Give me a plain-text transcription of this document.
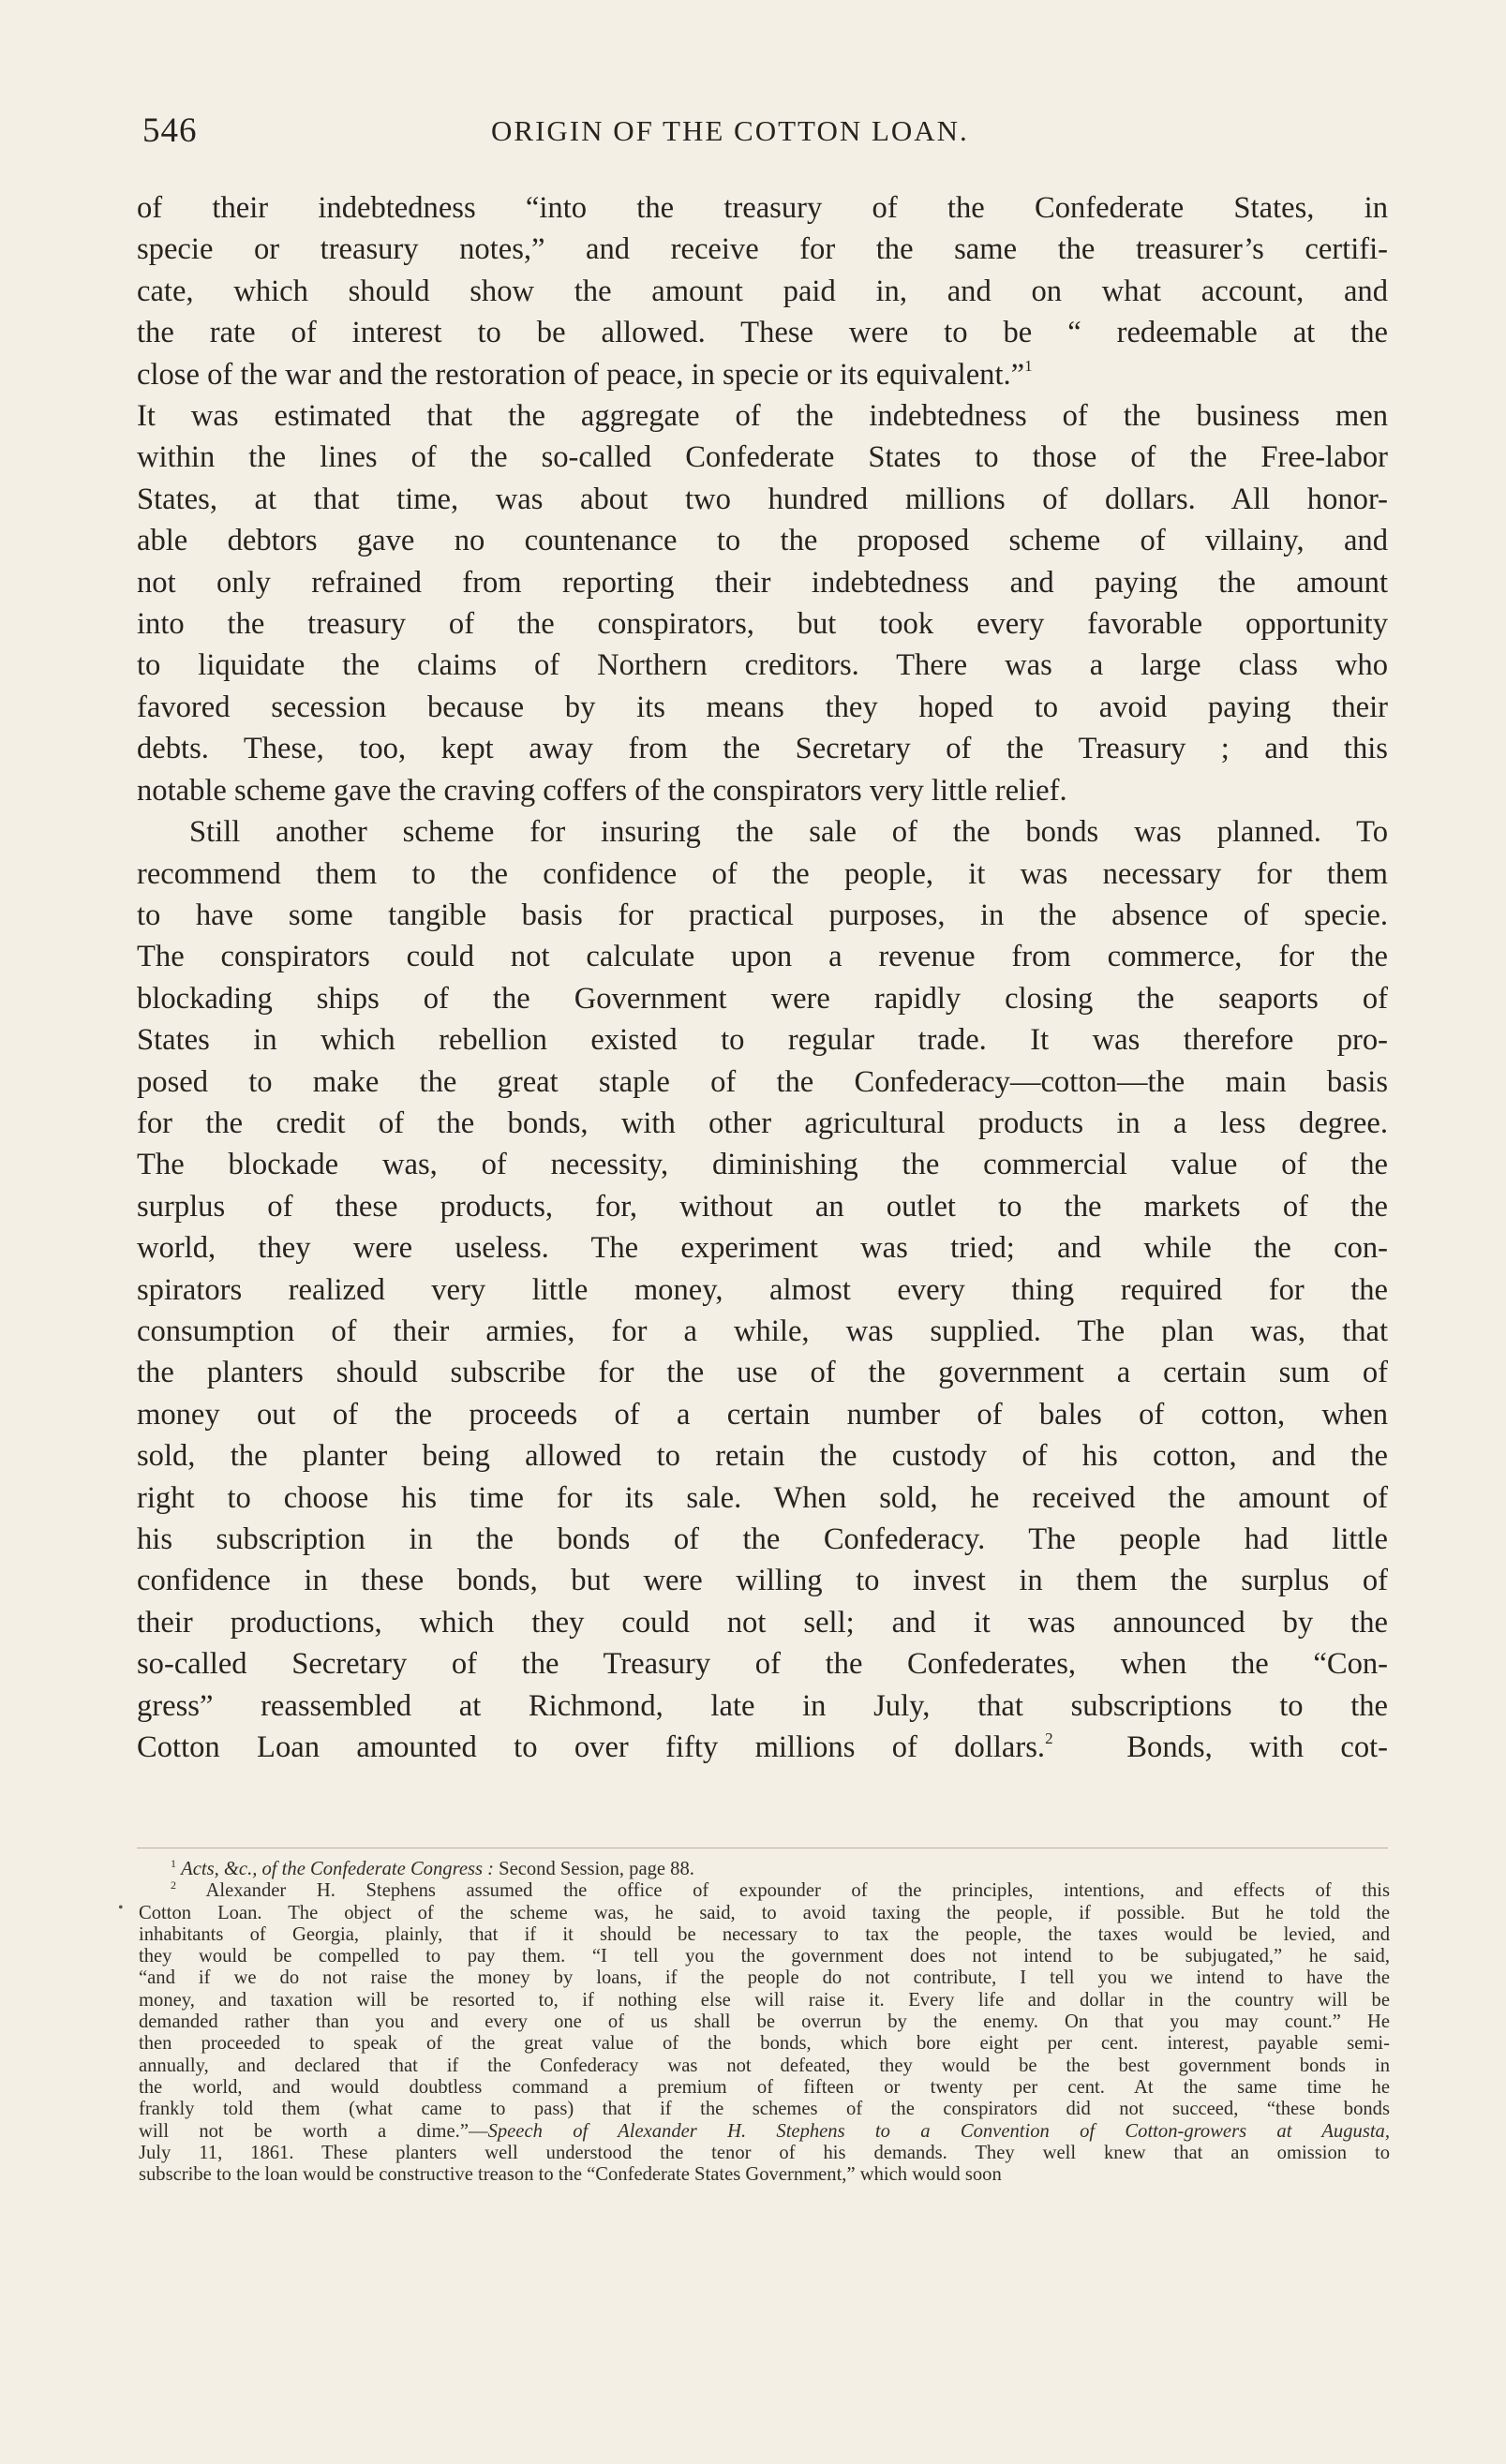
546	ORIGIN OF THE COTTON LOAN.
of their indebtedness “into the treasury of the Confederate States, in
specie or treasury notes,” and receive for the same the treasurer’s certifi-
cate, which should show the amount paid in, and on what account, and
the rate of interest to be allowed. These were to be “ redeemable at the
close of the war and the restoration of peace, in specie or its equivalent.”$^1$
It was estimated that the aggregate of the indebtedness of the business men
within the lines of the so-called Confederate States to those of the Free-labor
States, at that time, was about two hundred millions of dollars. All honor-
able debtors gave no countenance to the proposed scheme of villainy, and
not only refrained from reporting their indebtedness and paying the amount
into the treasury of the conspirators, but took every favorable opportunity
to liquidate the claims of Northern creditors. There was a large class who
favored secession because by its means they hoped to avoid paying their
debts. These, too, kept away from the Secretary of the Treasury ; and this
notable scheme gave the craving coffers of the conspirators very little relief.
Still another scheme for insuring the sale of the bonds was planned. To
recommend them to the confidence of the people, it was necessary for them
to have some tangible basis for practical purposes, in the absence of specie.
The conspirators could not calculate upon a revenue from commerce, for the
blockading ships of the Government were rapidly closing the seaports of
States in which rebellion existed to regular trade. It was therefore pro-
posed to make the great staple of the Confederacy—cotton—the main basis
for the credit of the bonds, with other agricultural products in a less degree.
The blockade was, of necessity, diminishing the commercial value of the
surplus of these products, for, without an outlet to the markets of the
world, they were useless. The experiment was tried; and while the con-
spirators realized very little money, almost every thing required for the
consumption of their armies, for a while, was supplied. The plan was, that
the planters should subscribe for the use of the government a certain sum of
money out of the proceeds of a certain number of bales of cotton, when
sold, the planter being allowed to retain the custody of his cotton, and the
right to choose his time for its sale. When sold, he received the amount of
his subscription in the bonds of the Confederacy. The people had little
confidence in these bonds, but were willing to invest in them the surplus of
their productions, which they could not sell; and it was announced by the
so-called Secretary of the Treasury of the Confederates, when the “Con-
gress” reassembled at Richmond, late in July, that subscriptions to the
Cotton Loan amounted to over fifty millions of dollars.$^2$ Bonds, with cot-
•
$^1$ Acts, &c., of the Confederate Congress : Second Session, page 88.
$^2$ Alexander H. Stephens assumed the office of expounder of the principles, intentions, and effects of this
Cotton Loan. The object of the scheme was, he said, to avoid taxing the people, if possible. But he told the
inhabitants of Georgia, plainly, that if it should be necessary to tax the people, the taxes would be levied, and
they would be compelled to pay them. “I tell you the government does not intend to be subjugated,” he said,
“and if we do not raise the money by loans, if the people do not contribute, I tell you we intend to have the
money, and taxation will be resorted to, if nothing else will raise it. Every life and dollar in the country will be
demanded rather than you and every one of us shall be overrun by the enemy. On that you may count.” He
then proceeded to speak of the great value of the bonds, which bore eight per cent. interest, payable semi-
annually, and declared that if the Confederacy was not defeated, they would be the best government bonds in
the world, and would doubtless command a premium of fifteen or twenty per cent. At the same time he
frankly told them (what came to pass) that if the schemes of the conspirators did not succeed, “these bonds
will not be worth a dime.”—Speech of Alexander H. Stephens to a Convention of Cotton-growers at Augusta,
July 11, 1861. These planters well understood the tenor of his demands. They well knew that an omission to
subscribe to the loan would be constructive treason to the “Confederate States Government,” which would soon
